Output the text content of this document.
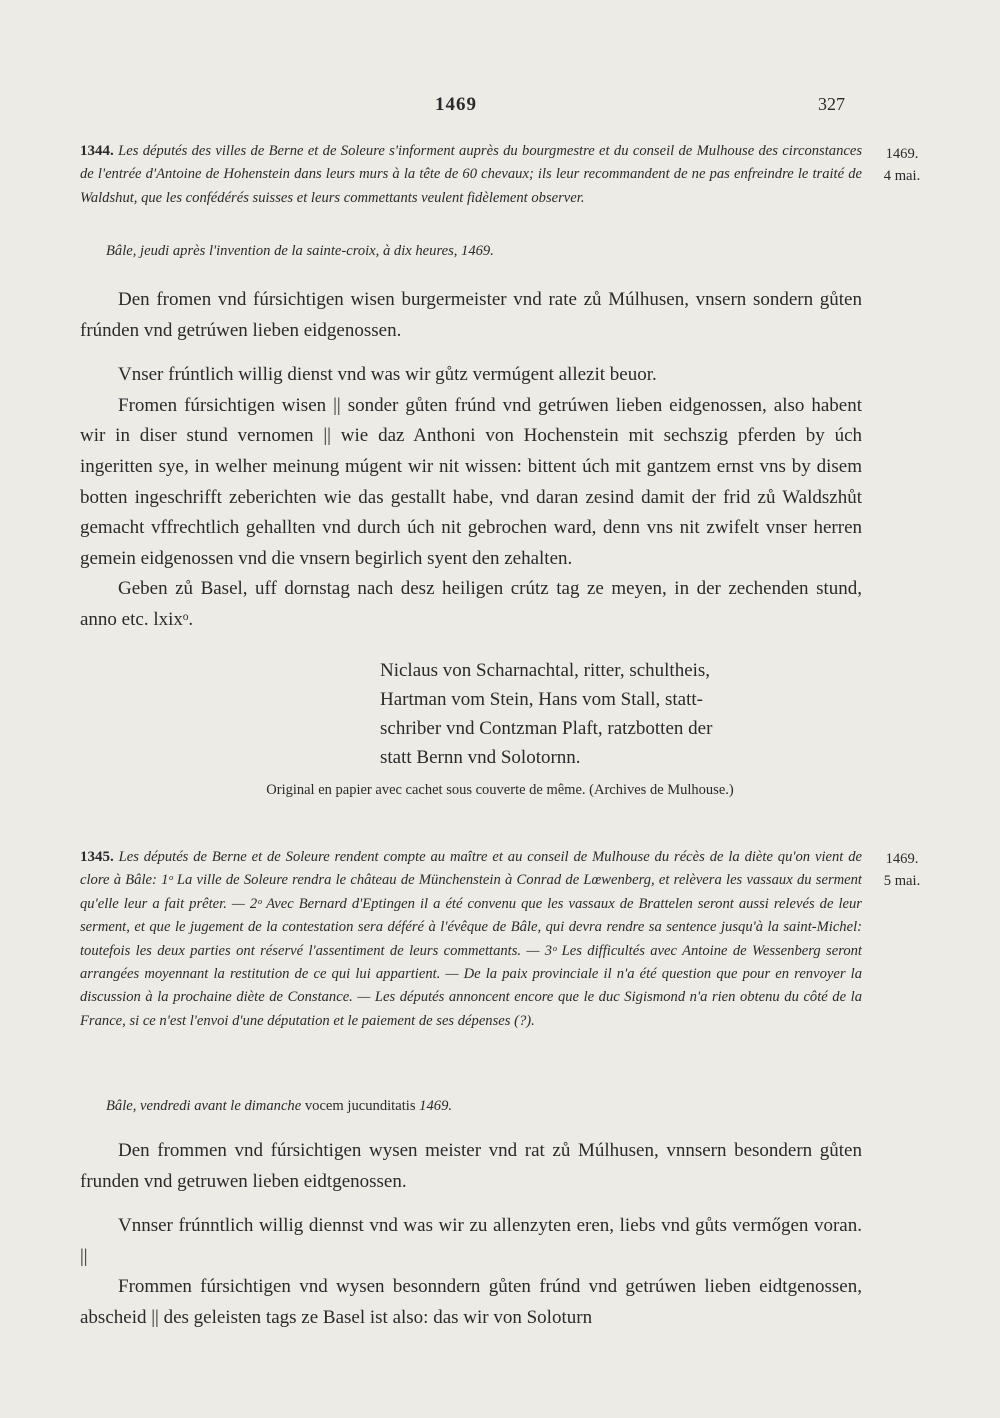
1469	327
1344. Les députés des villes de Berne et de Soleure s'informent auprès du bourgmestre et du conseil de Mulhouse des circonstances de l'entrée d'Antoine de Hohenstein dans leurs murs à la tête de 60 chevaux; ils leur recommandent de ne pas enfreindre le traité de Waldshut, que les confédérés suisses et leurs commettants veulent fidèlement observer.
1469.
4 mai.
Bâle, jeudi après l'invention de la sainte-croix, à dix heures, 1469.

Den fromen vnd fúrsichtigen wisen burgermeister vnd rate zů Múlhusen, vnsern sondern gůten frúnden vnd getrúwen lieben eidgenossen.

Vnser frúntlich willig dienst vnd was wir gůtz vermúgent allezit beuor.

Fromen fúrsichtigen wisen || sonder gůten frúnd vnd getrúwen lieben eidgenossen, also habent wir in diser stund vernomen || wie daz Anthoni von Hochenstein mit sechszig pferden by úch ingeritten sye, in welher meinung múgent wir nit wissen: bittent úch mit gantzem ernst vns by disem botten ingeschrifft zeberichten wie das gestallt habe, vnd daran zesind damit der frid zů Waldszhůt gemacht vffrechtlich gehallten vnd durch úch nit gebrochen ward, denn vns nit zwifelt vnser herren gemein eidgenossen vnd die vnsern begirlich syent den zehalten.

Geben zů Basel, uff dornstag nach desz heiligen crútz tag ze meyen, in der zechenden stund, anno etc. lxixᵒ.

Niclaus von Scharnachtal, ritter, schultheis,
Hartman vom Stein, Hans vom Stall, statt-
schriber vnd Contzman Plaft, ratzbotten der
statt Bernn vnd Solotornn.
Original en papier avec cachet sous couverte de même. (Archives de Mulhouse.)
1345. Les députés de Berne et de Soleure rendent compte au maître et au conseil de Mulhouse du récès de la diète qu'on vient de clore à Bâle: 1ᵒ La ville de Soleure rendra le château de Münchenstein à Conrad de Lœwenberg, et relèvera les vassaux du serment qu'elle leur a fait prêter. — 2ᵒ Avec Bernard d'Eptingen il a été convenu que les vassaux de Brattelen seront aussi relevés de leur serment, et que le jugement de la contestation sera déféré à l'évêque de Bâle, qui devra rendre sa sentence jusqu'à la saint-Michel: toutefois les deux parties ont réservé l'assentiment de leurs commettants. — 3ᵒ Les difficultés avec Antoine de Wessenberg seront arrangées moyennant la restitution de ce qui lui appartient. — De la paix provinciale il n'a été question que pour en renvoyer la discussion à la prochaine diète de Constance. — Les députés annoncent encore que le duc Sigismond n'a rien obtenu du côté de la France, si ce n'est l'envoi d'une députation et le paiement de ses dépenses (?).
1469.
5 mai.
Bâle, vendredi avant le dimanche vocem jucunditatis 1469.

Den frommen vnd fúrsichtigen wysen meister vnd rat zů Múlhusen, vnnsern besondern gůten frunden vnd getruwen lieben eidtgenossen.

Vnnser frúnntlich willig diennst vnd was wir zu allenzyten eren, liebs vnd gůts vermőgen voran. ||

Frommen fúrsichtigen vnd wysen besonndern gůten frúnd vnd getrúwen lieben eidtgenossen, abscheid || des geleisten tags ze Basel ist also: das wir von Soloturn
